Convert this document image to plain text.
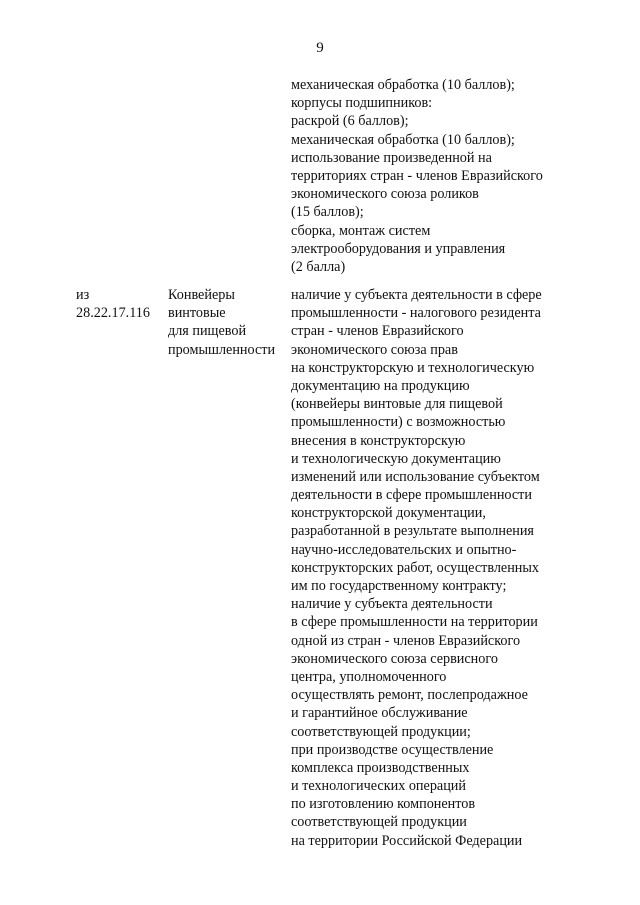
9
механическая обработка (10 баллов);
корпусы подшипников:
раскрой (6 баллов);
механическая обработка (10 баллов);
использование произведенной на
территориях стран - членов Евразийского
экономического союза роликов
(15 баллов);
сборка, монтаж систем
электрооборудования и управления
(2 балла)
из
28.22.17.116
Конвейеры
винтовые
для пищевой
промышленности
наличие у субъекта деятельности в сфере
промышленности - налогового резидента
стран - членов Евразийского
экономического союза прав
на конструкторскую и технологическую
документацию на продукцию
(конвейеры винтовые для пищевой
промышленности) с возможностью
внесения в конструкторскую
и технологическую документацию
изменений или использование субъектом
деятельности в сфере промышленности
конструкторской документации,
разработанной в результате выполнения
научно-исследовательских и опытно-
конструкторских работ, осуществленных
им по государственному контракту;
наличие у субъекта деятельности
в сфере промышленности на территории
одной из стран - членов Евразийского
экономического союза сервисного
центра, уполномоченного
осуществлять ремонт, послепродажное
и гарантийное обслуживание
соответствующей продукции;
при производстве осуществление
комплекса производственных
и технологических операций
по изготовлению компонентов
соответствующей продукции
на территории Российской Федерации
